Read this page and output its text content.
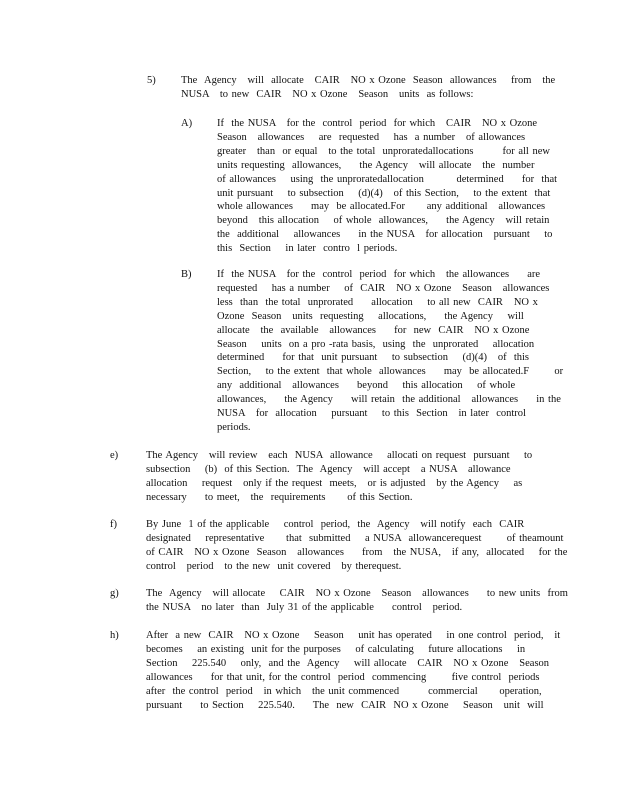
5) The  Agency   will  allocate   CAIR   NO x Ozone  Season  allowances    from   the
NUSA   to new  CAIR   NO x Ozone   Season   units  as follows:
A) If  the NUSA   for the  control  period  for which   CAIR   NO x Ozone
Season   allowances    are  requested    has  a number   of allowances
greater   than  or equal   to the total  unproratedallocations        for all new
units requesting  allowances,     the Agency   will allocate   the  number
of allowances    using  the unproratedallocation         determined     for  that
unit pursuant    to subsection    (d)(4)   of this Section,    to the extent  that
whole allowances     may  be allocated.For      any additional   allowances
beyond   this allocation    of whole  allowances,     the Agency   will retain
the  additional    allowances     in the NUSA   for allocation   pursuant    to
this  Section    in later  contro  l periods.
B) If  the NUSA   for the  control  period  for which   the allowances     are
requested    has a number    of  CAIR   NO x Ozone   Season   allowances
less  than  the total  unprorated     allocation    to all new  CAIR   NO x
Ozone  Season   units  requesting    allocations,     the Agency    will
allocate   the  available   allowances     for  new  CAIR   NO x Ozone
Season    units  on a pro -rata basis,  using  the  unprorated    allocation
determined     for that  unit pursuant    to subsection    (d)(4)   of  this
Section,    to the extent  that whole  allowances     may  be allocated.F       or
any  additional   allowances     beyond    this allocation    of whole
allowances,     the Agency     will retain  the additional   allowances     in the
NUSA   for  allocation    pursuant    to this  Section   in later  control
periods.
e)	The Agency   will review   each  NUSA  allowance    allocati on request  pursuant    to
subsection    (b)  of this Section.  The  Agency   will accept   a NUSA   allowance
allocation    request   only if the request  meets,   or is adjusted   by the Agency    as
necessary     to meet,   the  requirements      of this Section.
f)	By June  1 of the applicable    control  period,  the  Agency   will notify  each  CAIR
designated    representative      that  submitted    a NUSA  allowancerequest       of theamount
of CAIR   NO x Ozone  Season   allowances     from   the NUSA,   if any,  allocated    for the
control   period   to the new  unit covered   by therequest.
g)	The  Agency   will allocate    CAIR   NO x Ozone   Season   allowances     to new units  from
the NUSA   no later  than  July 31 of the applicable     control   period.
h)	After  a new  CAIR   NO x Ozone    Season    unit has operated    in one control  period,   it
becomes    an existing  unit for the purposes    of calculating    future allocations    in
Section    225.540    only,  and the  Agency    will allocate   CAIR   NO x Ozone   Season
allowances     for that unit, for the control  period  commencing       five control  periods
after  the control  period   in which   the unit commenced        commercial      operation,
pursuant     to Section    225.540.     The  new  CAIR  NO x Ozone    Season   unit  will
